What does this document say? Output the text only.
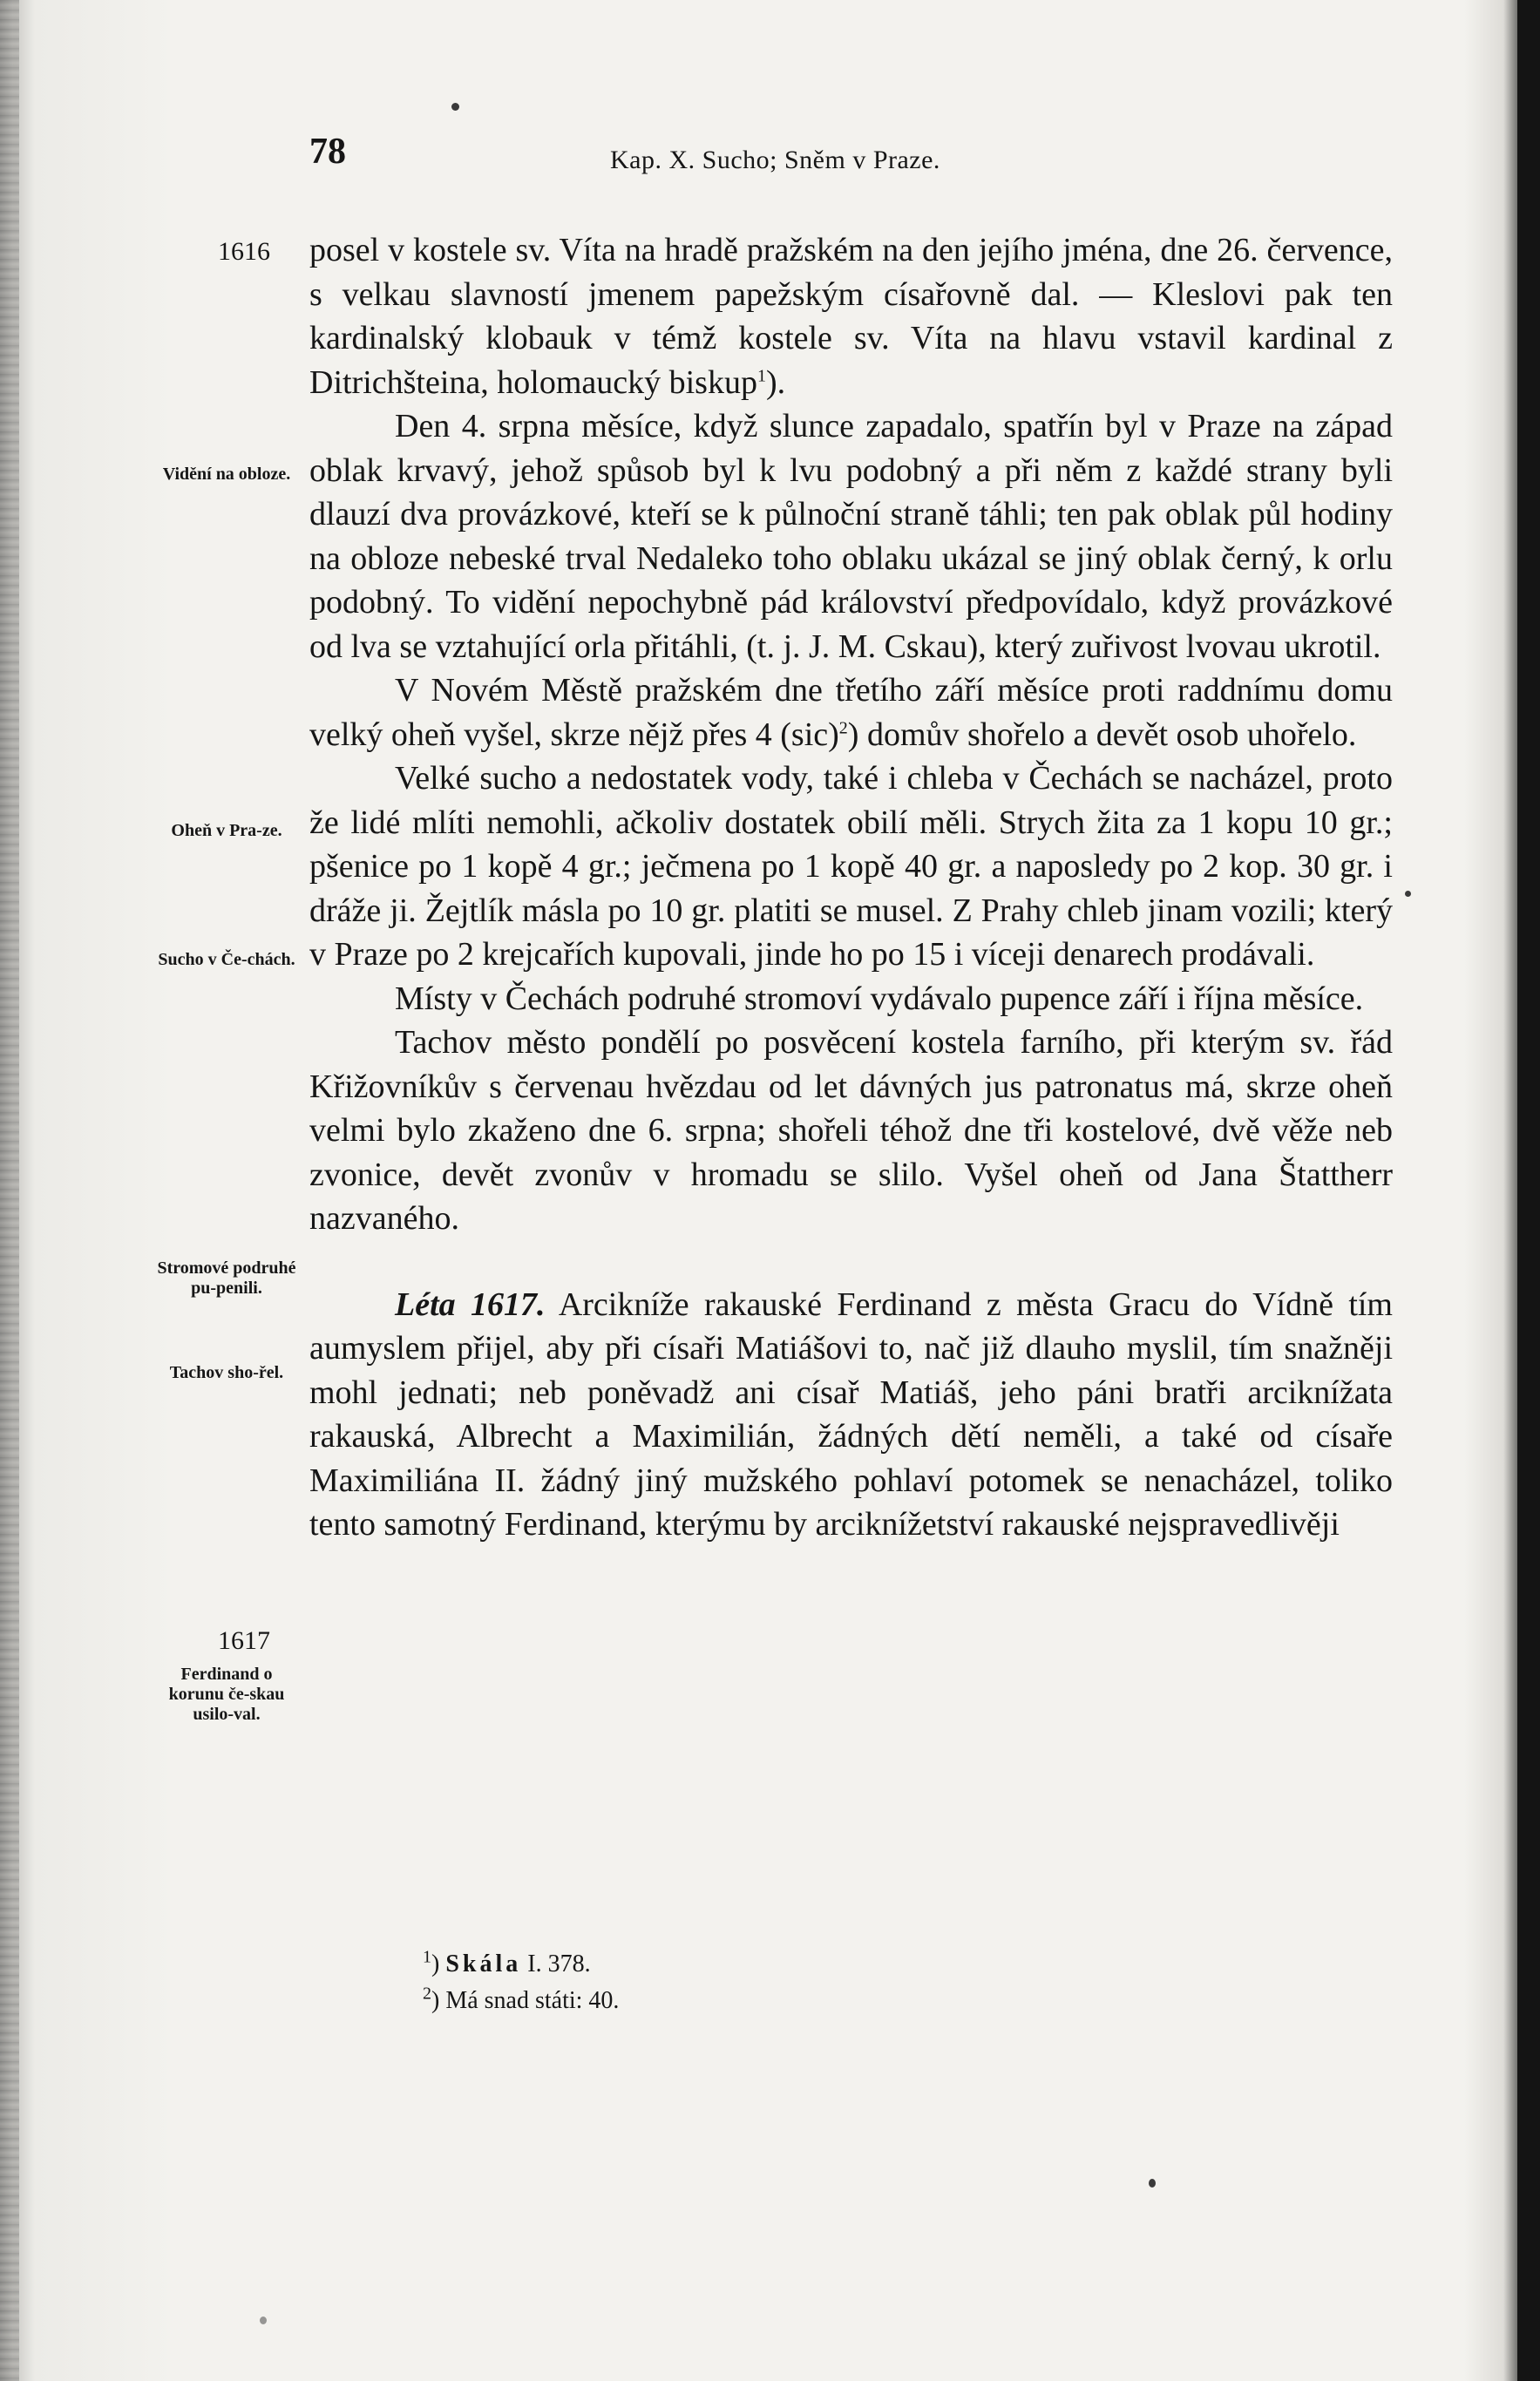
78	Kap. X. Sucho; Sněm v Praze.
1616
Vidění na obloze.
Oheň v Pra-ze.
Sucho v Če-chách.
Stromové podruhé pu-penili.
Tachov sho-řel.
1617
Ferdinand o korunu če-skau usilo-val.

posel v kostele sv. Víta na hradě pražském na den jejího jména, dne 26. července, s velkau slavností jmenem papežským císařovně dal. — Kleslovi pak ten kardinalský klobauk v témž kostele sv. Víta na hlavu vstavil kardinal z Ditrichšteina, holomaucký biskup$^1$).

Den 4. srpna měsíce, když slunce zapadalo, spatřín byl v Praze na západ oblak krvavý, jehož spůsob byl k lvu podobný a při něm z každé strany byli dlauzí dva provázkové, kteří se k půlnoční straně táhli; ten pak oblak půl hodiny na obloze nebeské trval Nedaleko toho oblaku ukázal se jiný oblak černý, k orlu podobný. To vidění nepochybně pád království předpovídalo, když provázkové od lva se vztahující orla přitáhli, (t. j. J. M. Cskau), který zuřivost lvovau ukrotil.

V Novém Městě pražském dne třetího září měsíce proti raddnímu domu velký oheň vyšel, skrze nějž přes 4 (sic)$^2$) domův shořelo a devět osob uhořelo.

Velké sucho a nedostatek vody, také i chleba v Čechách se nacházel, proto že lidé mlíti nemohli, ačkoliv dostatek obilí měli. Strych žita za 1 kopu 10 gr.; pšenice po 1 kopě 4 gr.; ječmena po 1 kopě 40 gr. a naposledy po 2 kop. 30 gr. i dráže ji. Žejtlík másla po 10 gr. platiti se musel. Z Prahy chleb jinam vozili; který v Praze po 2 krejcařích kupovali, jinde ho po 15 i víceji denarech prodávali.

Místy v Čechách podruhé stromoví vydávalo pupence září i října měsíce.

Tachov město pondělí po posvěcení kostela farního, při kterým sv. řád Křižovníkův s červenau hvězdau od let dávných jus patronatus má, skrze oheň velmi bylo zkaženo dne 6. srpna; shořeli téhož dne tři kostelové, dvě věže neb zvonice, devět zvonův v hromadu se slilo. Vyšel oheň od Jana Štattherr nazvaného.

Léta 1617. Arcikníže rakauské Ferdinand z města Gracu do Vídně tím aumyslem přijel, aby při císaři Matiášovi to, nač již dlauho myslil, tím snažněji mohl jednati; neb poněvadž ani císař Matiáš, jeho páni bratři arciknížata rakauská, Albrecht a Maximilián, žádných dětí neměli, a také od císaře Maximiliána II. žádný jiný mužského pohlaví potomek se nenacházel, toliko tento samotný Ferdinand, kterýmu by arciknížetství rakauské nejspravedlivěji

$^1$) Skála I. 378.
$^2$) Má snad státi: 40.
